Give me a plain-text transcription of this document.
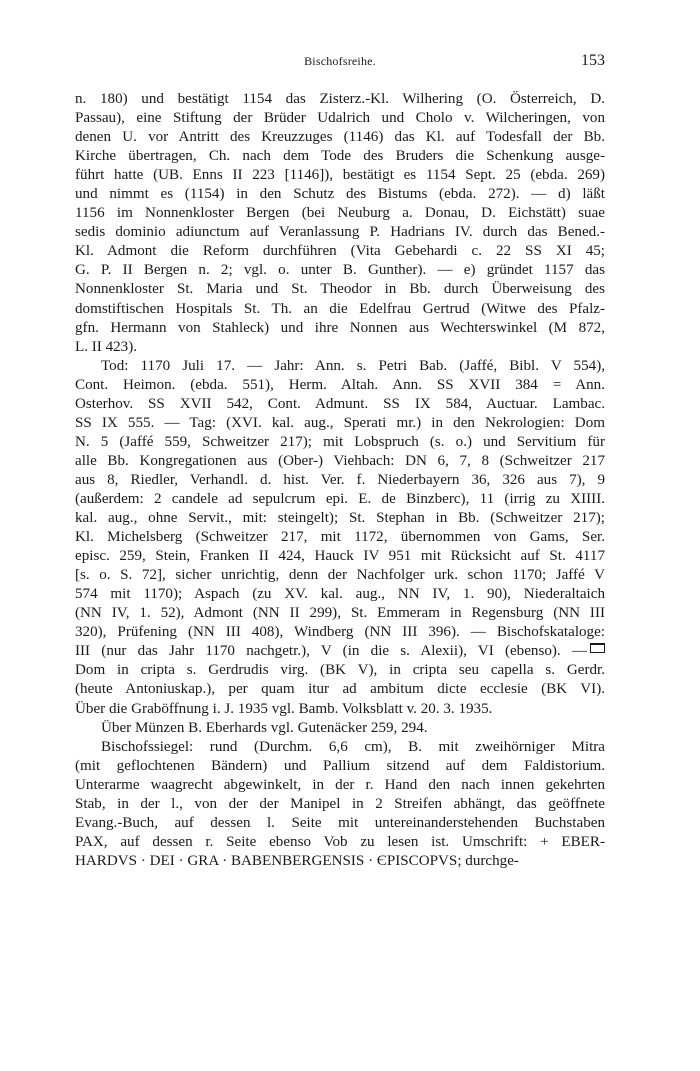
Bischofsreihe.	153
n. 180) und bestätigt 1154 das Zisterz.-Kl. Wilhering (O. Österreich, D.
Passau), eine Stiftung der Brüder Udalrich und Cholo v. Wilcheringen, von
denen U. vor Antritt des Kreuzzuges (1146) das Kl. auf Todesfall der Bb.
Kirche übertragen, Ch. nach dem Tode des Bruders die Schenkung ausge-
führt hatte (UB. Enns II 223 [1146]), bestätigt es 1154 Sept. 25 (ebda. 269)
und nimmt es (1154) in den Schutz des Bistums (ebda. 272). — d) läßt
1156 im Nonnenkloster Bergen (bei Neuburg a. Donau, D. Eichstätt) suae
sedis dominio adiunctum auf Veranlassung P. Hadrians IV. durch das Bened.-
Kl. Admont die Reform durchführen (Vita Gebehardi c. 22 SS XI 45;
G. P. II Bergen n. 2; vgl. o. unter B. Gunther). — e) gründet 1157 das
Nonnenkloster St. Maria und St. Theodor in Bb. durch Überweisung des
domstiftischen Hospitals St. Th. an die Edelfrau Gertrud (Witwe des Pfalz-
gfn. Hermann von Stahleck) und ihre Nonnen aus Wechterswinkel (M 872,
L. II 423).
Tod: 1170 Juli 17. — Jahr: Ann. s. Petri Bab. (Jaffé, Bibl. V 554),
Cont. Heimon. (ebda. 551), Herm. Altah. Ann. SS XVII 384 = Ann.
Osterhov. SS XVII 542, Cont. Admunt. SS IX 584, Auctuar. Lambac.
SS IX 555. — Tag: (XVI. kal. aug., Sperati mr.) in den Nekrologien: Dom
N. 5 (Jaffé 559, Schweitzer 217); mit Lobspruch (s. o.) und Servitium für
alle Bb. Kongregationen aus (Ober-) Viehbach: DN 6, 7, 8 (Schweitzer 217
aus 8, Riedler, Verhandl. d. hist. Ver. f. Niederbayern 36, 326 aus 7), 9
(außerdem: 2 candele ad sepulcrum epi. E. de Binzberc), 11 (irrig zu XIIII.
kal. aug., ohne Servit., mit: steingelt); St. Stephan in Bb. (Schweitzer 217);
Kl. Michelsberg (Schweitzer 217, mit 1172, übernommen von Gams, Ser.
episc. 259, Stein, Franken II 424, Hauck IV 951 mit Rücksicht auf St. 4117
[s. o. S. 72], sicher unrichtig, denn der Nachfolger urk. schon 1170; Jaffé V
574 mit 1170); Aspach (zu XV. kal. aug., NN IV, 1. 90), Niederaltaich
(NN IV, 1. 52), Admont (NN II 299), St. Emmeram in Regensburg (NN III
320), Prüfening (NN III 408), Windberg (NN III 396). — Bischofskataloge:
III (nur das Jahr 1170 nachgetr.), V (in die s. Alexii), VI (ebenso). —
Dom in cripta s. Gerdrudis virg. (BK V), in cripta seu capella s. Gerdr.
(heute Antoniuskap.), per quam itur ad ambitum dicte ecclesie (BK VI).
Über die Graböffnung i. J. 1935 vgl. Bamb. Volksblatt v. 20. 3. 1935.
Über Münzen B. Eberhards vgl. Gutenäcker 259, 294.
Bischofssiegel: rund (Durchm. 6,6 cm), B. mit zweihörniger Mitra
(mit geflochtenen Bändern) und Pallium sitzend auf dem Faldistorium.
Unterarme waagrecht abgewinkelt, in der r. Hand den nach innen gekehrten
Stab, in der l., von der der Manipel in 2 Streifen abhängt, das geöffnete
Evang.-Buch, auf dessen l. Seite mit untereinanderstehenden Buchstaben
PAX, auf dessen r. Seite ebenso Vob zu lesen ist. Umschrift: + EBER-
HARDVS · DEI · GRA · BABENBERGENSIS · ЄPISCOPVS; durchge-
